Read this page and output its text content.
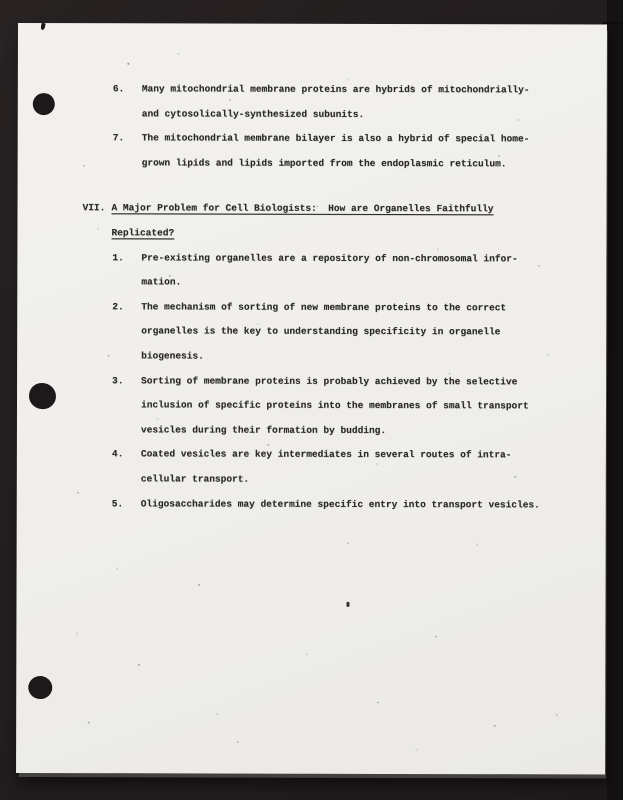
6.	Many mitochondrial membrane proteins are hybrids of mitochondrially-
and cytosolically-synthesized subunits.
7.	The mitochondrial membrane bilayer is also a hybrid of special home-
grown lipids and lipids imported from the endoplasmic reticulum.
VII. A Major Problem for Cell Biologists:  How are Organelles Faithfully
Replicated?
1.	Pre-existing organelles are a repository of non-chromosomal infor-
mation.
2.	The mechanism of sorting of new membrane proteins to the correct
organelles is the key to understanding specificity in organelle
biogenesis.
3.	Sorting of membrane proteins is probably achieved by the selective
inclusion of specific proteins into the membranes of small transport
vesicles during their formation by budding.
4.	Coated vesicles are key intermediates in several routes of intra-
cellular transport.
5.	Oligosaccharides may determine specific entry into transport vesicles.
